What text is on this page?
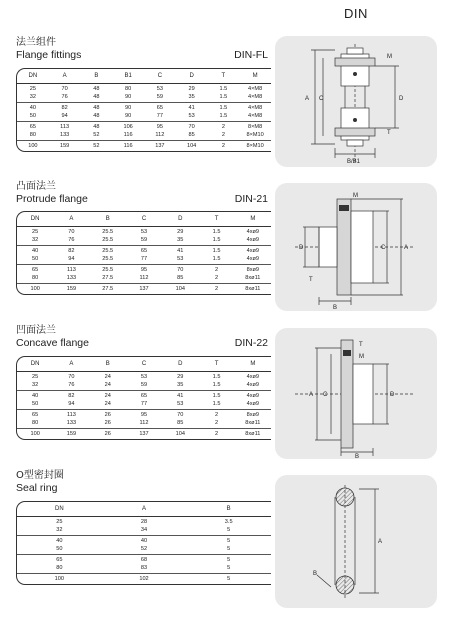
DIN
法兰组件
Flange fittings	DIN-FL
DN	A	B	B1	C	D	T	M
25	70	48	80	53	29	1.5	4×M8
32	76	48	90	59	35	1.5	4×M8
40	82	48	90	65	41	1.5	4×M8
50	94	48	90	77	53	1.5	4×M8
65	113	48	106	95	70	2	8×M8
80	133	52	116	112	85	2	8×M10
100	159	52	116	137	104	2	8×M10
凸面法兰
Protrude flange	DIN-21
DN	A	B	C	D	T	M
25	70	25.5	53	29	1.5	4xø9
32	76	25.5	59	35	1.5	4xø9
40	82	25.5	65	41	1.5	4xø9
50	94	25.5	77	53	1.5	4xø9
65	113	25.5	95	70	2	8xø9
80	133	27.5	112	85	2	8xø11
100	159	27.5	137	104	2	8xø11
凹面法兰
Concave flange	DIN-22
DN	A	B	C	D	T	M
25	70	24	53	29	1.5	4xø9
32	76	24	59	35	1.5	4xø9
40	82	24	65	41	1.5	4xø9
50	94	24	77	53	1.5	4xø9
65	113	26	95	70	2	8xø9
80	133	26	112	85	2	8xø11
100	159	26	137	104	2	8xø11
O型密封圈
Seal ring
DN	A	B
25	28	3.5
32	34	5
40	40	5
50	52	5
65	68	5
80	83	5
100	102	5
M
T
D
A C
B/B1
M
D	C	A
T
B
T
M
A C	D
B
A
B
